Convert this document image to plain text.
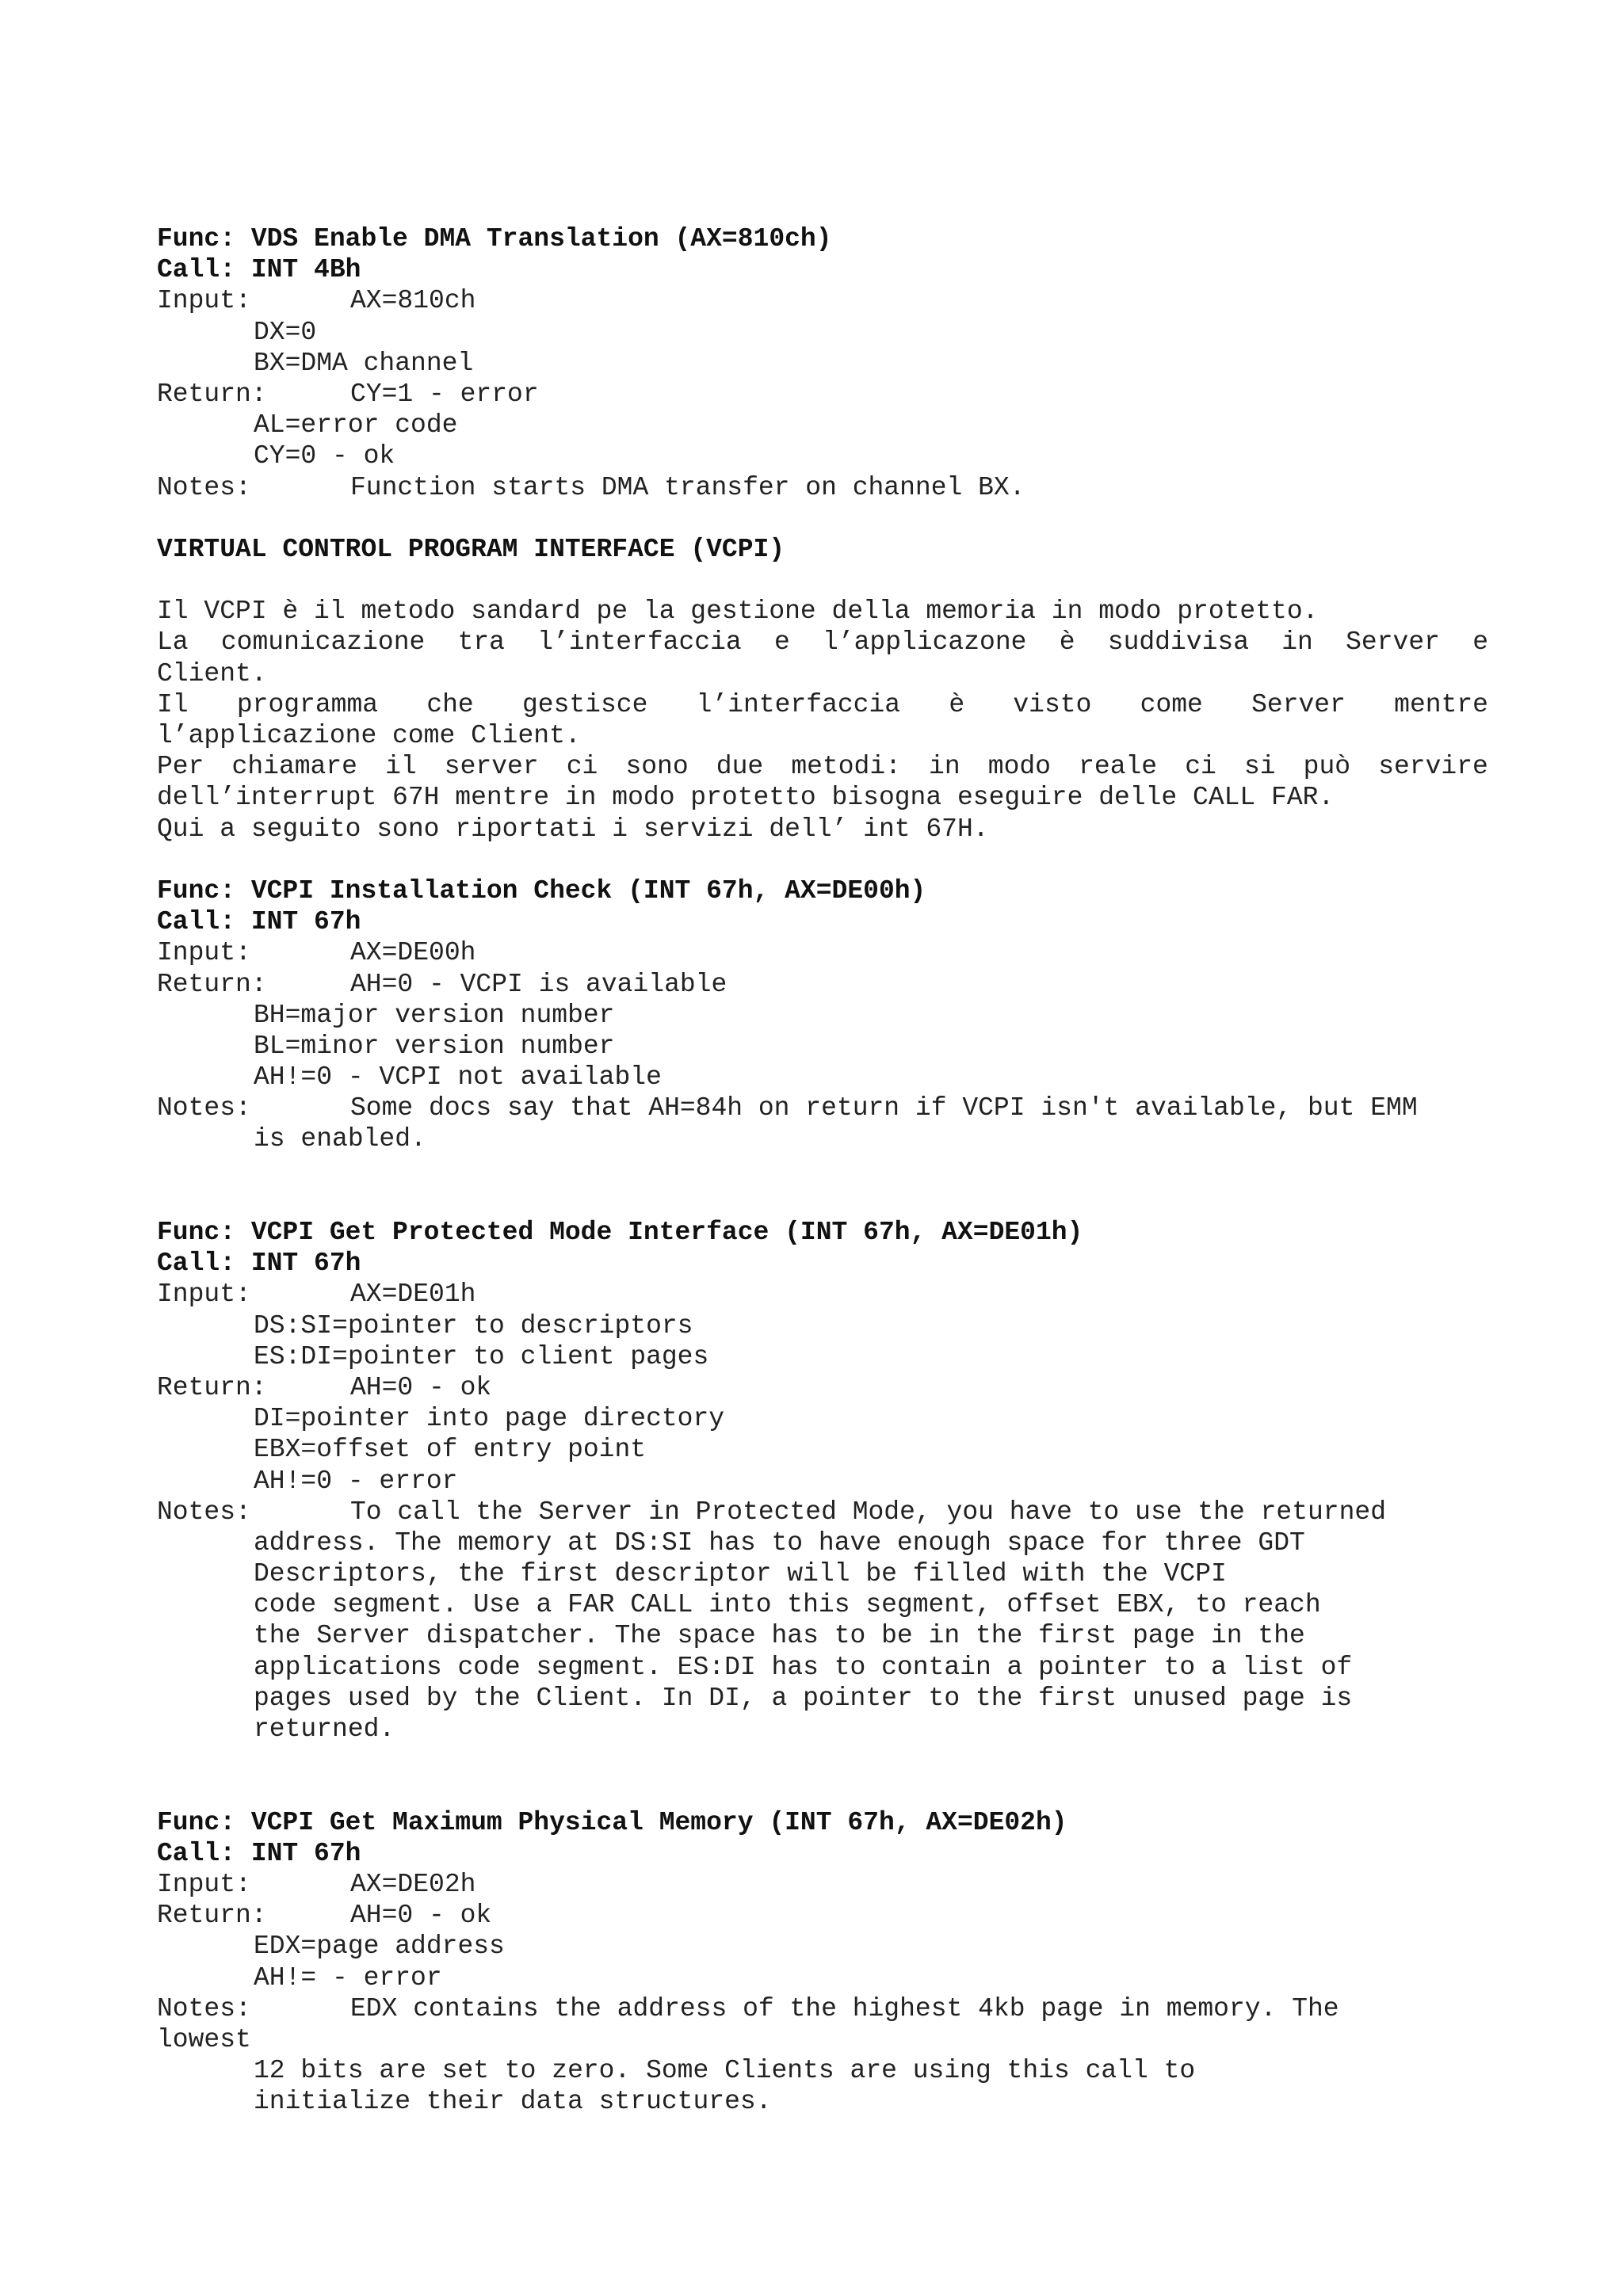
Func: VDS Enable DMA Translation (AX=810ch)
Call: INT 4Bh
Input:	AX=810ch
DX=0
BX=DMA channel
Return:	CY=1 - error
AL=error code
CY=0 - ok
Notes:	Function starts DMA transfer on channel BX.
VIRTUAL CONTROL PROGRAM INTERFACE (VCPI)
Il VCPI è il metodo sandard pe la gestione della memoria in modo protetto.
La comunicazione tra l’interfaccia e l’applicazone è suddivisa in Server e
Client.
Il programma che gestisce l’interfaccia è visto come Server mentre
l’applicazione come Client.
Per chiamare il server ci sono due metodi: in modo reale ci si può servire
dell’interrupt 67H mentre in modo protetto bisogna eseguire delle CALL FAR.
Qui a seguito sono riportati i servizi dell’ int 67H.
Func: VCPI Installation Check (INT 67h, AX=DE00h)
Call: INT 67h
Input:	AX=DE00h
Return:	AH=0 - VCPI is available
BH=major version number
BL=minor version number
AH!=0 - VCPI not available
Notes:	Some docs say that AH=84h on return if VCPI isn't available, but EMM
is enabled.
Func: VCPI Get Protected Mode Interface (INT 67h, AX=DE01h)
Call: INT 67h
Input:	AX=DE01h
DS:SI=pointer to descriptors
ES:DI=pointer to client pages
Return:	AH=0 - ok
DI=pointer into page directory
EBX=offset of entry point
AH!=0 - error
Notes:	To call the Server in Protected Mode, you have to use the returned
address. The memory at DS:SI has to have enough space for three GDT
Descriptors, the first descriptor will be filled with the VCPI
code segment. Use a FAR CALL into this segment, offset EBX, to reach
the Server dispatcher. The space has to be in the first page in the
applications code segment. ES:DI has to contain a pointer to a list of
pages used by the Client. In DI, a pointer to the first unused page is
returned.
Func: VCPI Get Maximum Physical Memory (INT 67h, AX=DE02h)
Call: INT 67h
Input:	AX=DE02h
Return:	AH=0 - ok
EDX=page address
AH!= - error
Notes:	EDX contains the address of the highest 4kb page in memory. The
lowest
12 bits are set to zero. Some Clients are using this call to
initialize their data structures.
